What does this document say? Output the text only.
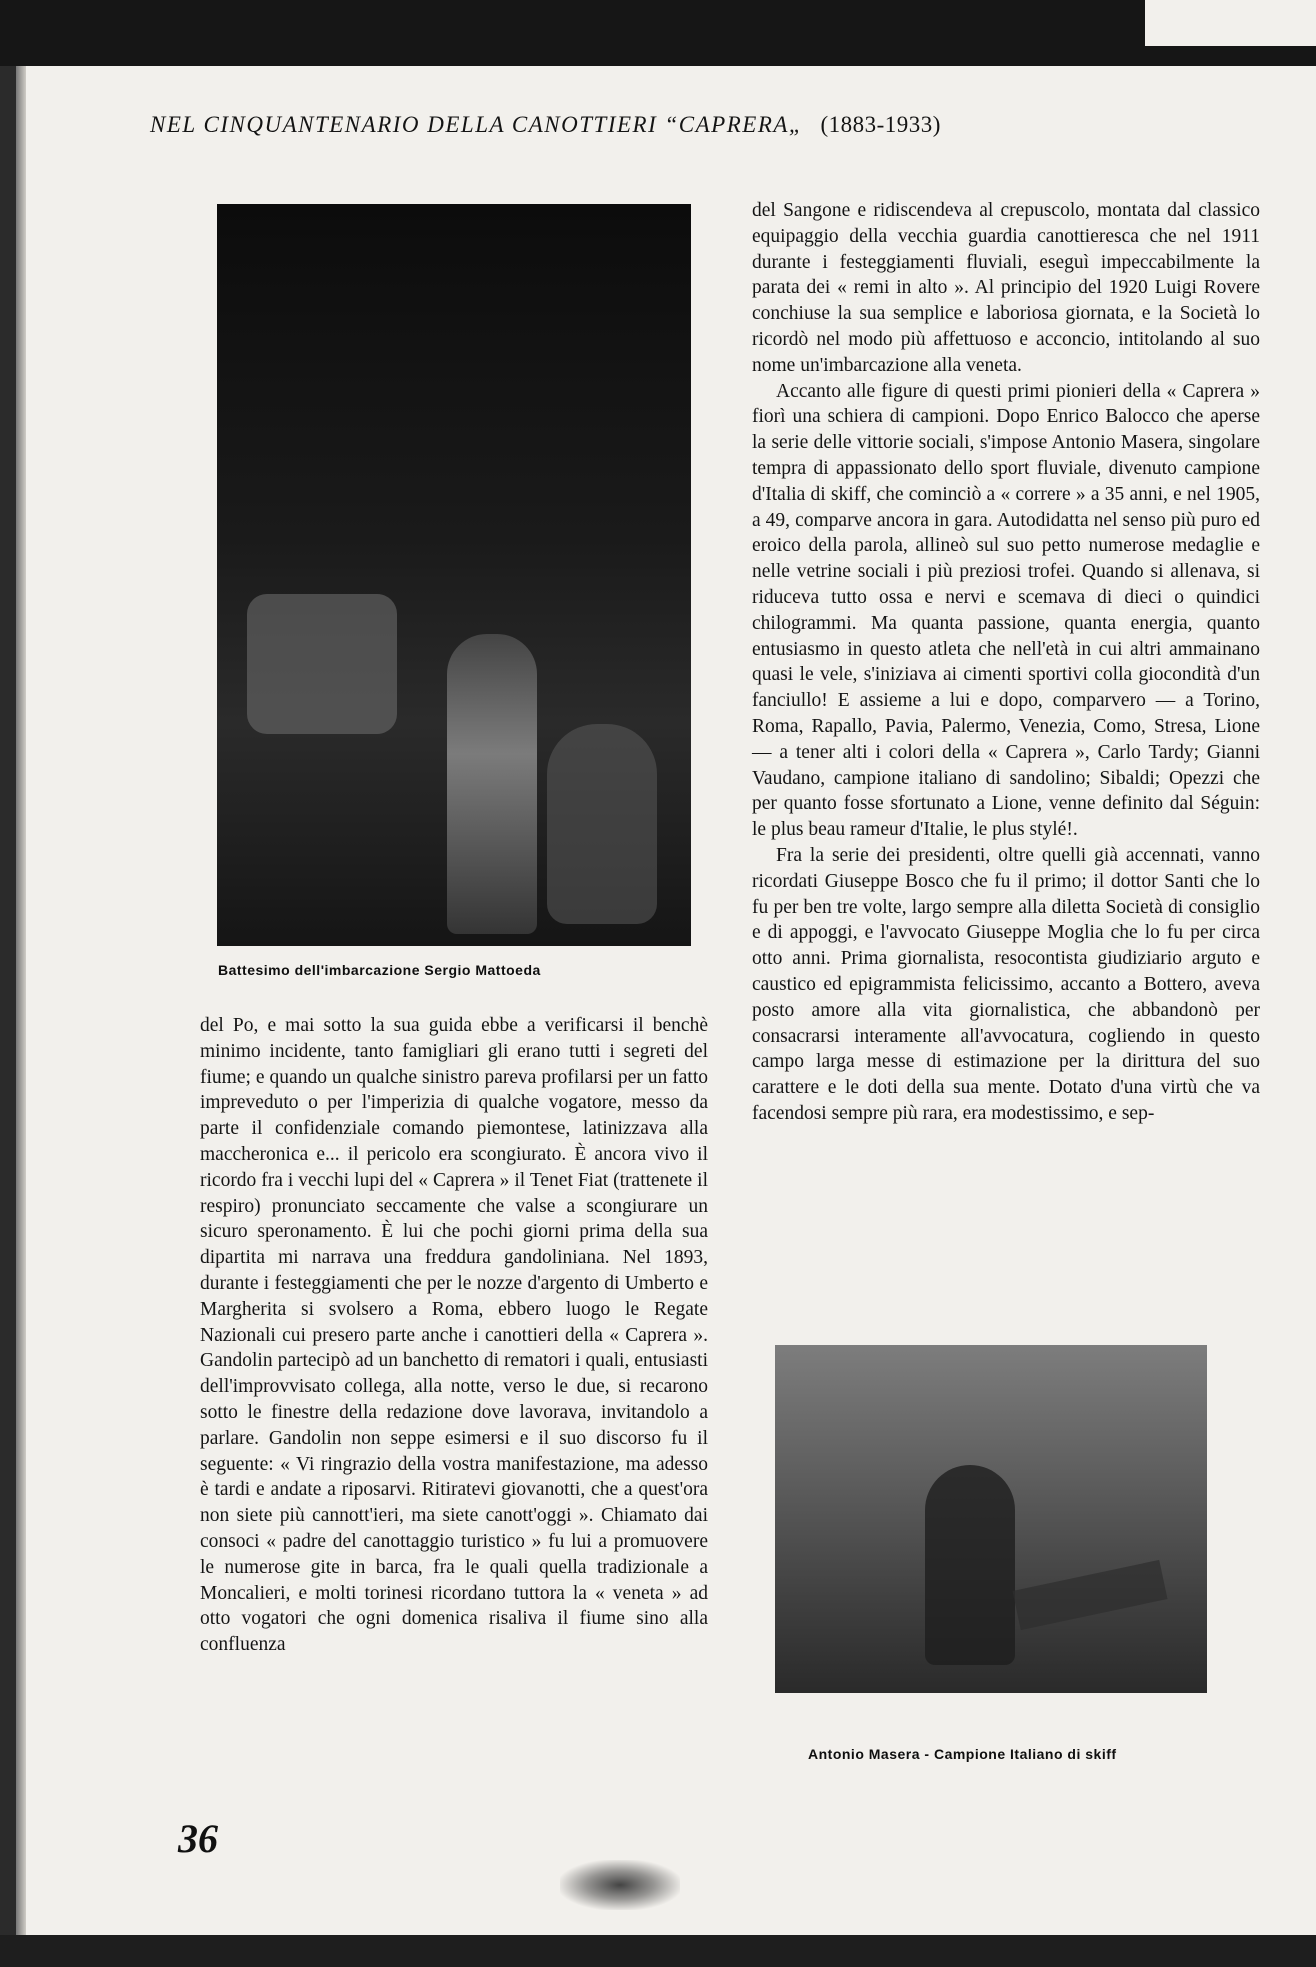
NEL CINQUANTENARIO DELLA CANOTTIERI “CAPRERA„ (1883-1933)
Battesimo dell'imbarcazione Sergio Mattoeda

del Po, e mai sotto la sua guida ebbe a verificarsi il benchè minimo incidente, tanto famigliari gli erano tutti i segreti del fiume; e quando un qualche sinistro pareva profilarsi per un fatto impreveduto o per l'imperizia di qualche vogatore, messo da parte il confidenziale comando piemontese, latinizzava alla maccheronica e... il pericolo era scongiurato. È ancora vivo il ricordo fra i vecchi lupi del « Caprera » il Tenet Fiat (trattenete il respiro) pronunciato seccamente che valse a scongiurare un sicuro speronamento. È lui che pochi giorni prima della sua dipartita mi narrava una freddura gandoliniana. Nel 1893, durante i festeggiamenti che per le nozze d'argento di Umberto e Margherita si svolsero a Roma, ebbero luogo le Regate Nazionali cui presero parte anche i canottieri della « Caprera ». Gandolin partecipò ad un banchetto di rematori i quali, entusiasti dell'improvvisato collega, alla notte, verso le due, si recarono sotto le finestre della redazione dove lavorava, invitandolo a parlare. Gandolin non seppe esimersi e il suo discorso fu il seguente: « Vi ringrazio della vostra manifestazione, ma adesso è tardi e andate a riposarvi. Ritiratevi giovanotti, che a quest'ora non siete più cannott'ieri, ma siete canott'oggi ». Chiamato dai consoci « padre del canottaggio turistico » fu lui a promuovere le numerose gite in barca, fra le quali quella tradizionale a Moncalieri, e molti torinesi ricordano tuttora la « veneta » ad otto vogatori che ogni domenica risaliva il fiume sino alla confluenza

del Sangone e ridiscendeva al crepuscolo, montata dal classico equipaggio della vecchia guardia canottieresca che nel 1911 durante i festeggiamenti fluviali, eseguì impeccabilmente la parata dei « remi in alto ». Al principio del 1920 Luigi Rovere conchiuse la sua semplice e laboriosa giornata, e la Società lo ricordò nel modo più affettuoso e acconcio, intitolando al suo nome un'imbarcazione alla veneta.

Accanto alle figure di questi primi pionieri della « Caprera » fiorì una schiera di campioni. Dopo Enrico Balocco che aperse la serie delle vittorie sociali, s'impose Antonio Masera, singolare tempra di appassionato dello sport fluviale, divenuto campione d'Italia di skiff, che cominciò a « correre » a 35 anni, e nel 1905, a 49, comparve ancora in gara. Autodidatta nel senso più puro ed eroico della parola, allineò sul suo petto numerose medaglie e nelle vetrine sociali i più preziosi trofei. Quando si allenava, si riduceva tutto ossa e nervi e scemava di dieci o quindici chilogrammi. Ma quanta passione, quanta energia, quanto entusiasmo in questo atleta che nell'età in cui altri ammainano quasi le vele, s'iniziava ai cimenti sportivi colla giocondità d'un fanciullo! E assieme a lui e dopo, comparvero — a Torino, Roma, Rapallo, Pavia, Palermo, Venezia, Como, Stresa, Lione — a tener alti i colori della « Caprera », Carlo Tardy; Gianni Vaudano, campione italiano di sandolino; Sibaldi; Opezzi che per quanto fosse sfortunato a Lione, venne definito dal Séguin: le plus beau rameur d'Italie, le plus stylé!.

Fra la serie dei presidenti, oltre quelli già accennati, vanno ricordati Giuseppe Bosco che fu il primo; il dottor Santi che lo fu per ben tre volte, largo sempre alla diletta Società di consiglio e di appoggi, e l'avvocato Giuseppe Moglia che lo fu per circa otto anni. Prima giornalista, resocontista giudiziario arguto e caustico ed epigrammista felicissimo, accanto a Bottero, aveva posto amore alla vita giornalistica, che abbandonò per consacrarsi interamente all'avvocatura, cogliendo in questo campo larga messe di estimazione per la dirittura del suo carattere e le doti della sua mente. Dotato d'una virtù che va facendosi sempre più rara, era modestissimo, e sep-

Antonio Masera - Campione Italiano di skiff
36
